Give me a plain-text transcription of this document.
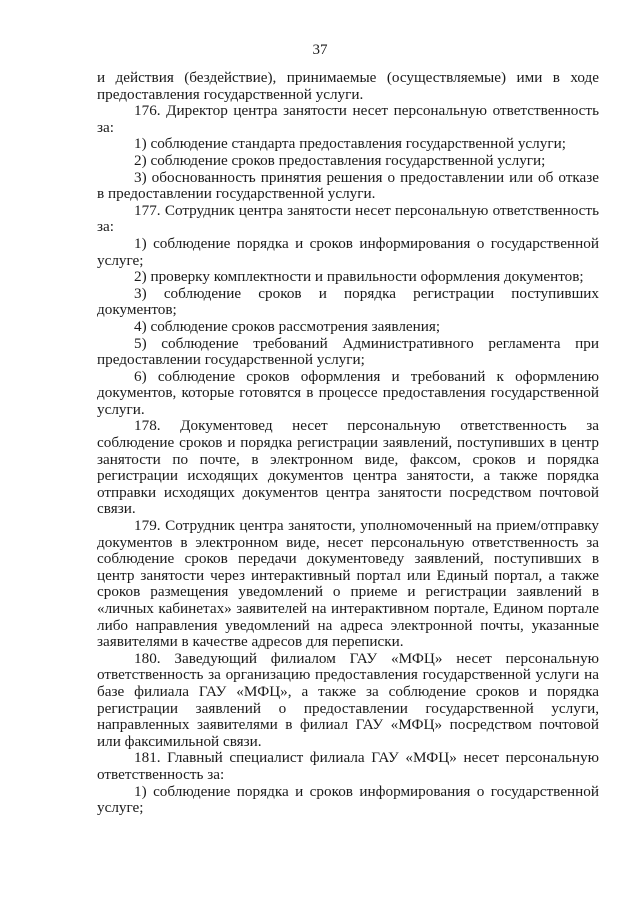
37

и действия (бездействие), принимаемые (осуществляемые) ими в ходе предоставления государственной услуги.

176. Директор центра занятости несет персональную ответственность за:

1) соблюдение стандарта предоставления государственной услуги;

2) соблюдение сроков предоставления государственной услуги;

3) обоснованность принятия решения о предоставлении или об отказе в предоставлении государственной услуги.

177. Сотрудник центра занятости несет персональную ответственность за:

1) соблюдение порядка и сроков информирования о государственной услуге;

2) проверку комплектности и правильности оформления документов;

3) соблюдение сроков и порядка регистрации поступивших документов;

4) соблюдение сроков рассмотрения заявления;

5) соблюдение требований Административного регламента при предоставлении государственной услуги;

6) соблюдение сроков оформления и требований к оформлению документов, которые готовятся в процессе предоставления государственной услуги.

178. Документовед несет персональную ответственность за соблюдение сроков и порядка регистрации заявлений, поступивших в центр занятости по почте, в электронном виде, факсом, сроков и порядка регистрации исходящих документов центра занятости, а также порядка отправки исходящих документов центра занятости посредством почтовой связи.

179. Сотрудник центра занятости, уполномоченный на прием/отправку документов в электронном виде, несет персональную ответственность за соблюдение сроков передачи документоведу заявлений, поступивших в центр занятости через интерактивный портал или Единый портал, а также сроков размещения уведомлений о приеме и регистрации заявлений в «личных кабинетах» заявителей на интерактивном портале, Едином портале либо направления уведомлений на адреса электронной почты, указанные заявителями в качестве адресов для переписки.

180. Заведующий филиалом ГАУ «МФЦ» несет персональную ответственность за организацию предоставления государственной услуги на базе филиала ГАУ «МФЦ», а также за соблюдение сроков и порядка регистрации заявлений о предоставлении государственной услуги, направленных заявителями в филиал ГАУ «МФЦ» посредством почтовой или факсимильной связи.

181. Главный специалист филиала ГАУ «МФЦ» несет персональную ответственность за:

1) соблюдение порядка и сроков информирования о государственной услуге;
